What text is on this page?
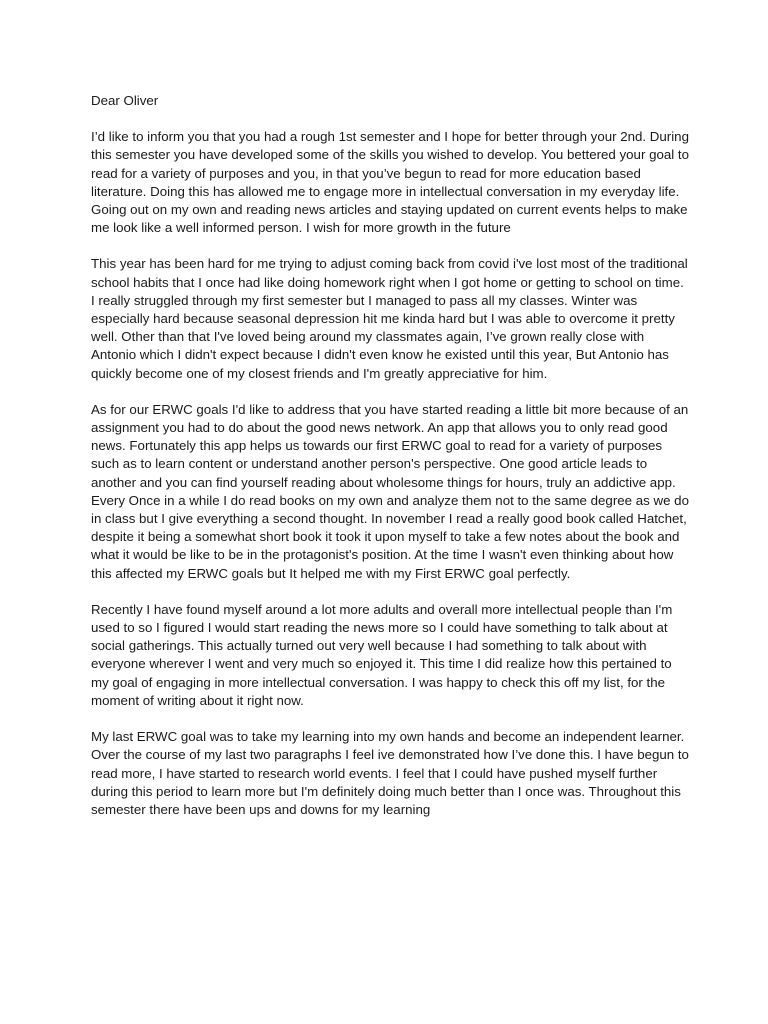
Dear Oliver

I’d like to inform you that you had a rough 1st semester and I hope for better through your 2nd. During this semester you have developed some of the skills you wished to develop. You bettered your goal to read for a variety of purposes and you, in that you’ve begun to read for more education based literature. Doing this has allowed me to engage more in intellectual conversation in my everyday life. Going out on my own and reading news articles and staying updated on current events helps to make me look like a well informed person. I wish for more growth in the future

This year has been hard for me trying to adjust coming back from covid i've lost most of the traditional school habits that I once had like doing homework right when I got home or getting to school on time. I really struggled through my first semester but I managed to pass all my classes. Winter was especially hard because seasonal depression hit me kinda hard but I was able to overcome it pretty well. Other than that I've loved being around my classmates again, I’ve grown really close with Antonio which I didn't expect because I didn't even know he existed until this year, But Antonio has quickly become one of my closest friends and I'm greatly appreciative for him.

As for our ERWC goals I'd like to address that you have started reading a little bit more because of an assignment you had to do about the good news network. An app that allows you to only read good news. Fortunately this app helps us towards our first ERWC goal to read for a variety of purposes such as to learn content or understand another person's perspective. One good article leads to another and you can find yourself reading about wholesome things for hours, truly an addictive app. Every Once in a while I do read books on my own and analyze them not to the same degree as we do in class but I give everything a second thought. In november I read a really good book called Hatchet, despite it being a somewhat short book it took it upon myself to take a few notes about the book and what it would be like to be in the protagonist's position. At the time I wasn't even thinking about how this affected my ERWC goals but It helped me with my First ERWC goal perfectly.

Recently I have found myself around a lot more adults and overall more intellectual people than I'm used to so I figured I would start reading the news more so I could have something to talk about at social gatherings. This actually turned out very well because I had something to talk about with everyone wherever I went and very much so enjoyed it. This time I did realize how this pertained to my goal of engaging in more intellectual conversation. I was happy to check this off my list, for the moment of writing about it right now.

My last ERWC goal was to take my learning into my own hands and become an independent learner. Over the course of my last two paragraphs I feel ive demonstrated how I’ve done this. I have begun to read more, I have started to research world events. I feel that I could have pushed myself further during this period to learn more but I'm definitely doing much better than I once was. Throughout this semester there have been ups and downs for my learning
